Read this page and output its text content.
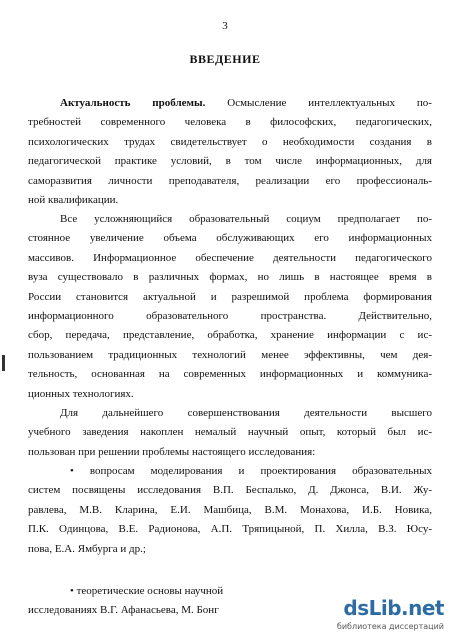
3
ВВЕДЕНИЕ
Актуальность проблемы. Осмысление интеллектуальных по-
требностей современного человека в философских, педагогических,
психологических трудах свидетельствует о необходимости создания в
педагогической практике условий, в том числе информационных, для
саморазвития личности преподавателя, реализации его профессиональ-
ной квалификации.
Все усложняющийся образовательный социум предполагает по-
стоянное увеличение объема обслуживающих его информационных
массивов. Информационное обеспечение деятельности педагогического
вуза существовало в различных формах, но лишь в настоящее время в
России становится актуальной и разрешимой проблема формирования
информационного образовательного пространства. Действительно,
сбор, передача, представление, обработка, хранение информации с ис-
пользованием традиционных технологий менее эффективны, чем дея-
тельность, основанная на современных информационных и коммуника-
ционных технологиях.
Для дальнейшего совершенствования деятельности высшего
учебного заведения накоплен немалый научный опыт, который был ис-
пользован при решении проблемы настоящего исследования:
• вопросам моделирования и проектирования образовательных
систем посвящены исследования В.П. Беспалько, Д. Джонса, В.И. Жу-
равлева, М.В. Кларина, Е.И. Машбица, В.М. Монахова, И.Б. Новика,
П.К. Одинцова, В.Е. Радионова, А.П. Тряпицыной, П. Хилла, В.З. Юсу-
пова, Е.А. Ямбурга и др.;
• теоретические основы научной
исследованиях В.Г. Афанасьева, М. Бонг	dsLib.net
библиотека диссертаций
